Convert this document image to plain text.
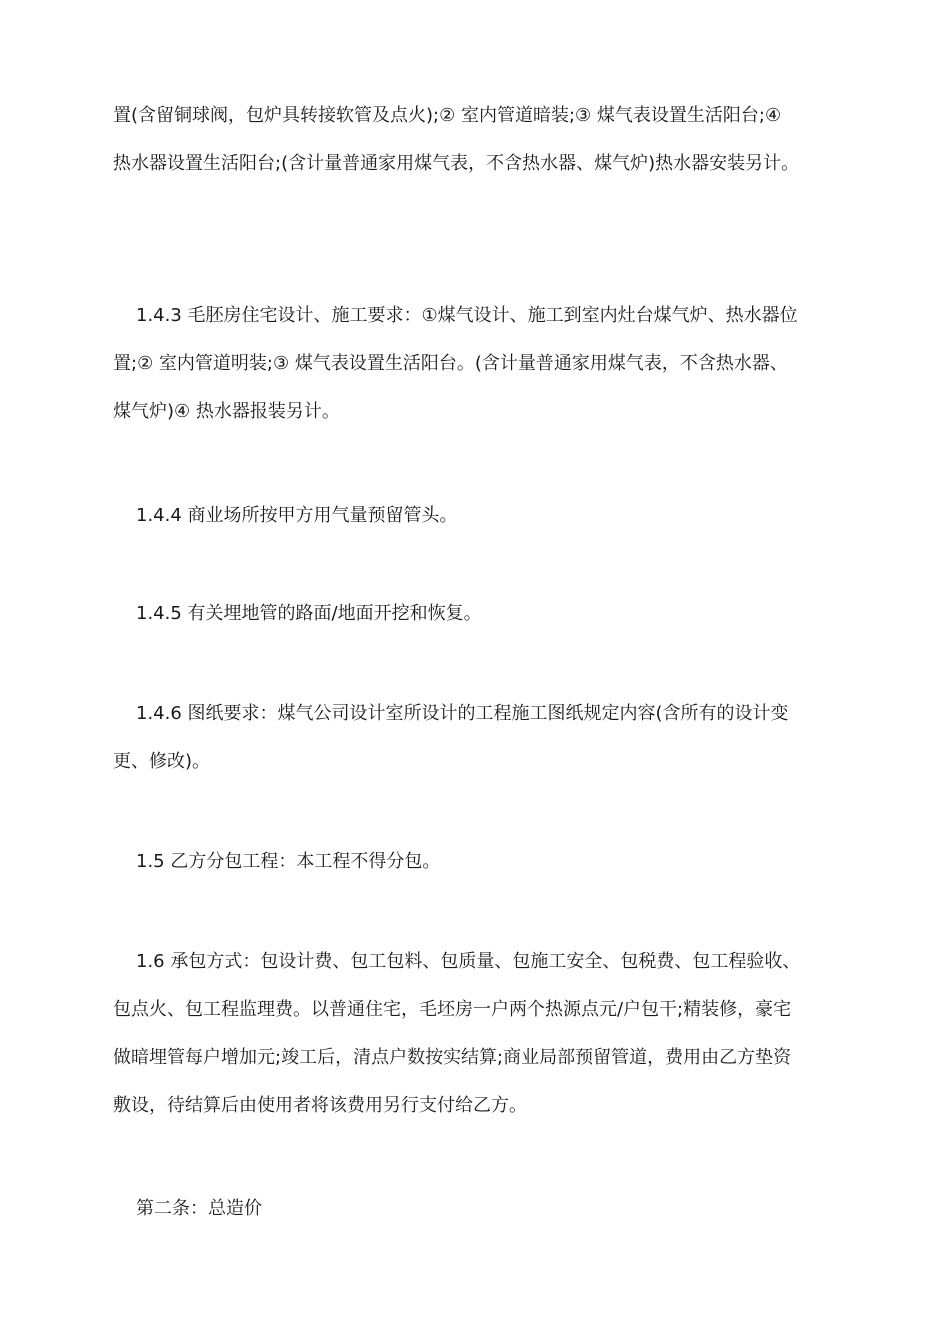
置(含留铜球阀，包炉具转接软管及点火);② 室内管道暗装;③ 煤气表设置生活阳台;④
热水器设置生活阳台;(含计量普通家用煤气表，不含热水器、煤气炉)热水器安装另计。
1.4.3 毛胚房住宅设计、施工要求：①煤气设计、施工到室内灶台煤气炉、热水器位
置;② 室内管道明装;③ 煤气表设置生活阳台。(含计量普通家用煤气表，不含热水器、
煤气炉)④ 热水器报装另计。
1.4.4 商业场所按甲方用气量预留管头。
1.4.5 有关埋地管的路面/地面开挖和恢复。
1.4.6 图纸要求：煤气公司设计室所设计的工程施工图纸规定内容(含所有的设计变
更、修改)。
1.5 乙方分包工程：本工程不得分包。
1.6 承包方式：包设计费、包工包料、包质量、包施工安全、包税费、包工程验收、
包点火、包工程监理费。以普通住宅，毛坯房一户两个热源点元/户包干;精装修，豪宅
做暗埋管每户增加元;竣工后，清点户数按实结算;商业局部预留管道，费用由乙方垫资
敷设，待结算后由使用者将该费用另行支付给乙方。
第二条：总造价
